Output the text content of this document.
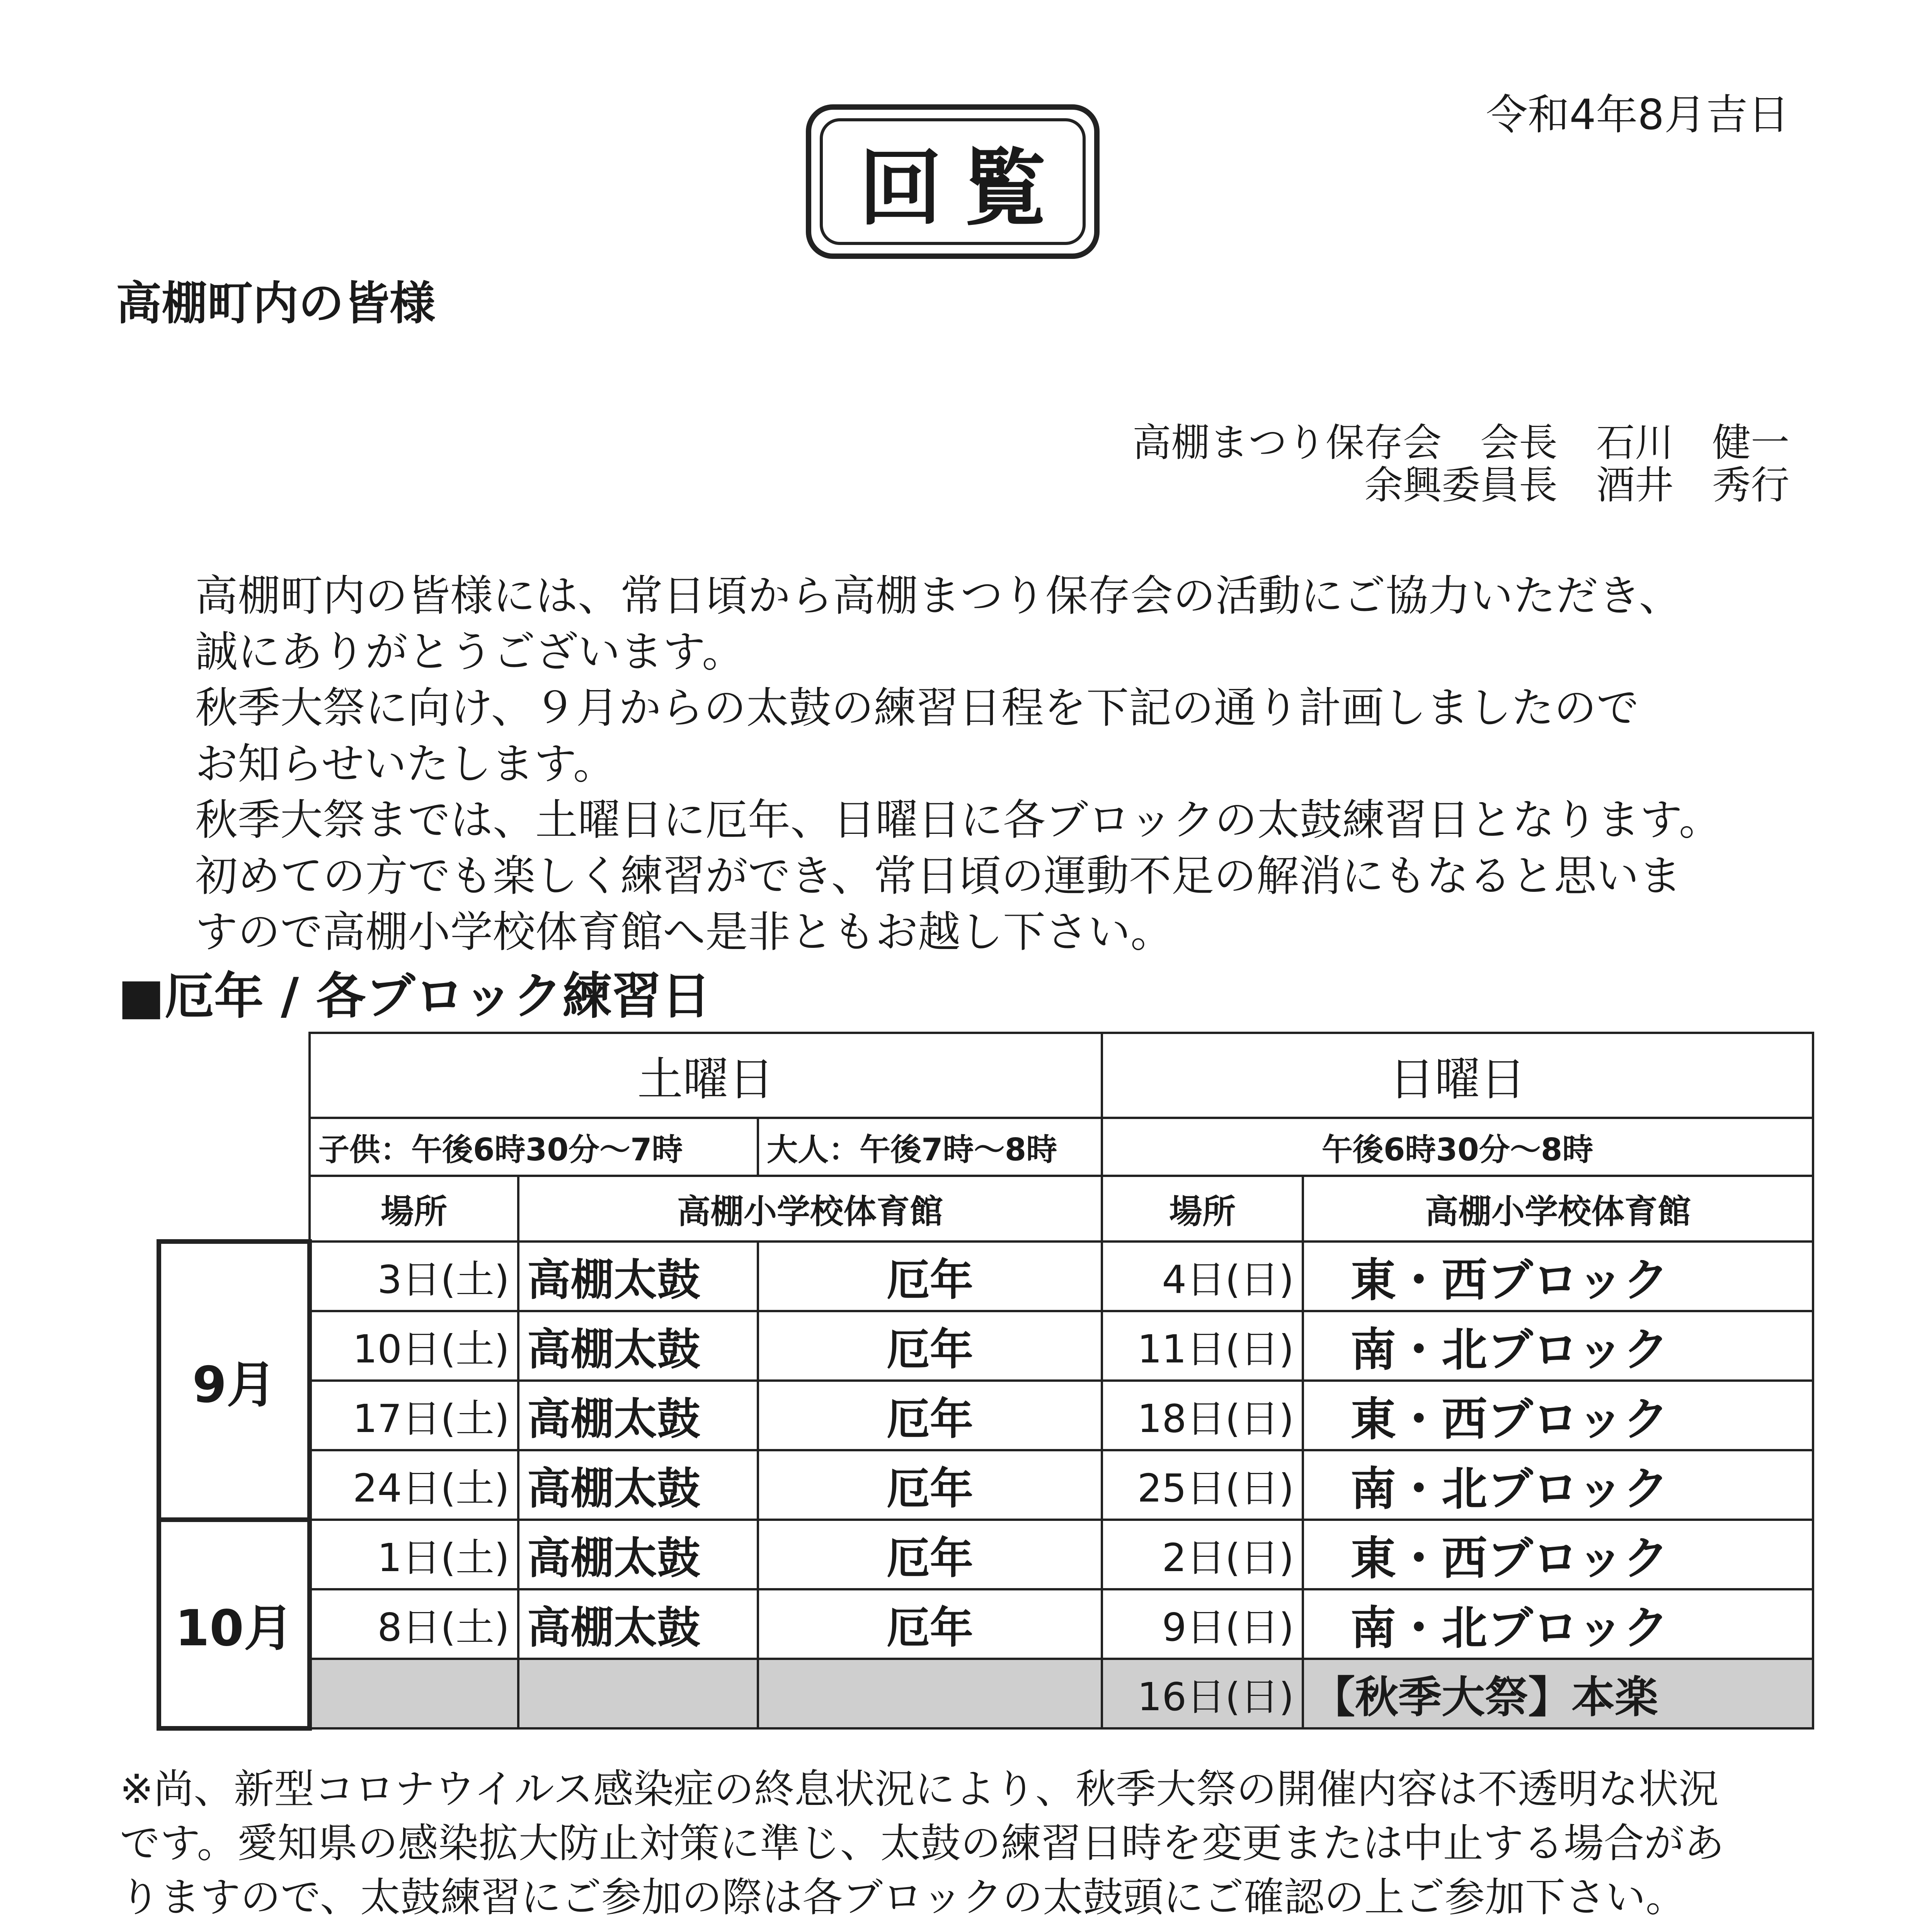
回覧
令和4年8月吉日
高棚町内の皆様
高棚まつり保存会　会長　石川　健一
余興委員長　酒井　秀行

高棚町内の皆様には、常日頃から高棚まつり保存会の活動にご協力いただき、

誠にありがとうございます。

秋季大祭に向け、９月からの太鼓の練習日程を下記の通り計画しましたので

お知らせいたします。

秋季大祭までは、土曜日に厄年、日曜日に各ブロックの太鼓練習日となります。

初めての方でも楽しく練習ができ、常日頃の運動不足の解消にもなると思いま

すので高棚小学校体育館へ是非ともお越し下さい。

■厄年 / 各ブロック練習日
	土曜日			日曜日	
	子供：午後6時30分～7時		大人：午後7時～8時	午後6時30分～8時	
	場所	高棚小学校体育館		場所	高棚小学校体育館
9月	3日(土)	高棚太鼓	厄年	4日(日)	東・西ブロック
	10日(土)	高棚太鼓	厄年	11日(日)	南・北ブロック
	17日(土)	高棚太鼓	厄年	18日(日)	東・西ブロック
	24日(土)	高棚太鼓	厄年	25日(日)	南・北ブロック
10月	1日(土)	高棚太鼓	厄年	2日(日)	東・西ブロック
	8日(土)	高棚太鼓	厄年	9日(日)	南・北ブロック
				16日(日)	【秋季大祭】本楽

※尚、新型コロナウイルス感染症の終息状況により、秋季大祭の開催内容は不透明な状況

です。愛知県の感染拡大防止対策に準じ、太鼓の練習日時を変更または中止する場合があ

りますので、太鼓練習にご参加の際は各ブロックの太鼓頭にご確認の上ご参加下さい。
